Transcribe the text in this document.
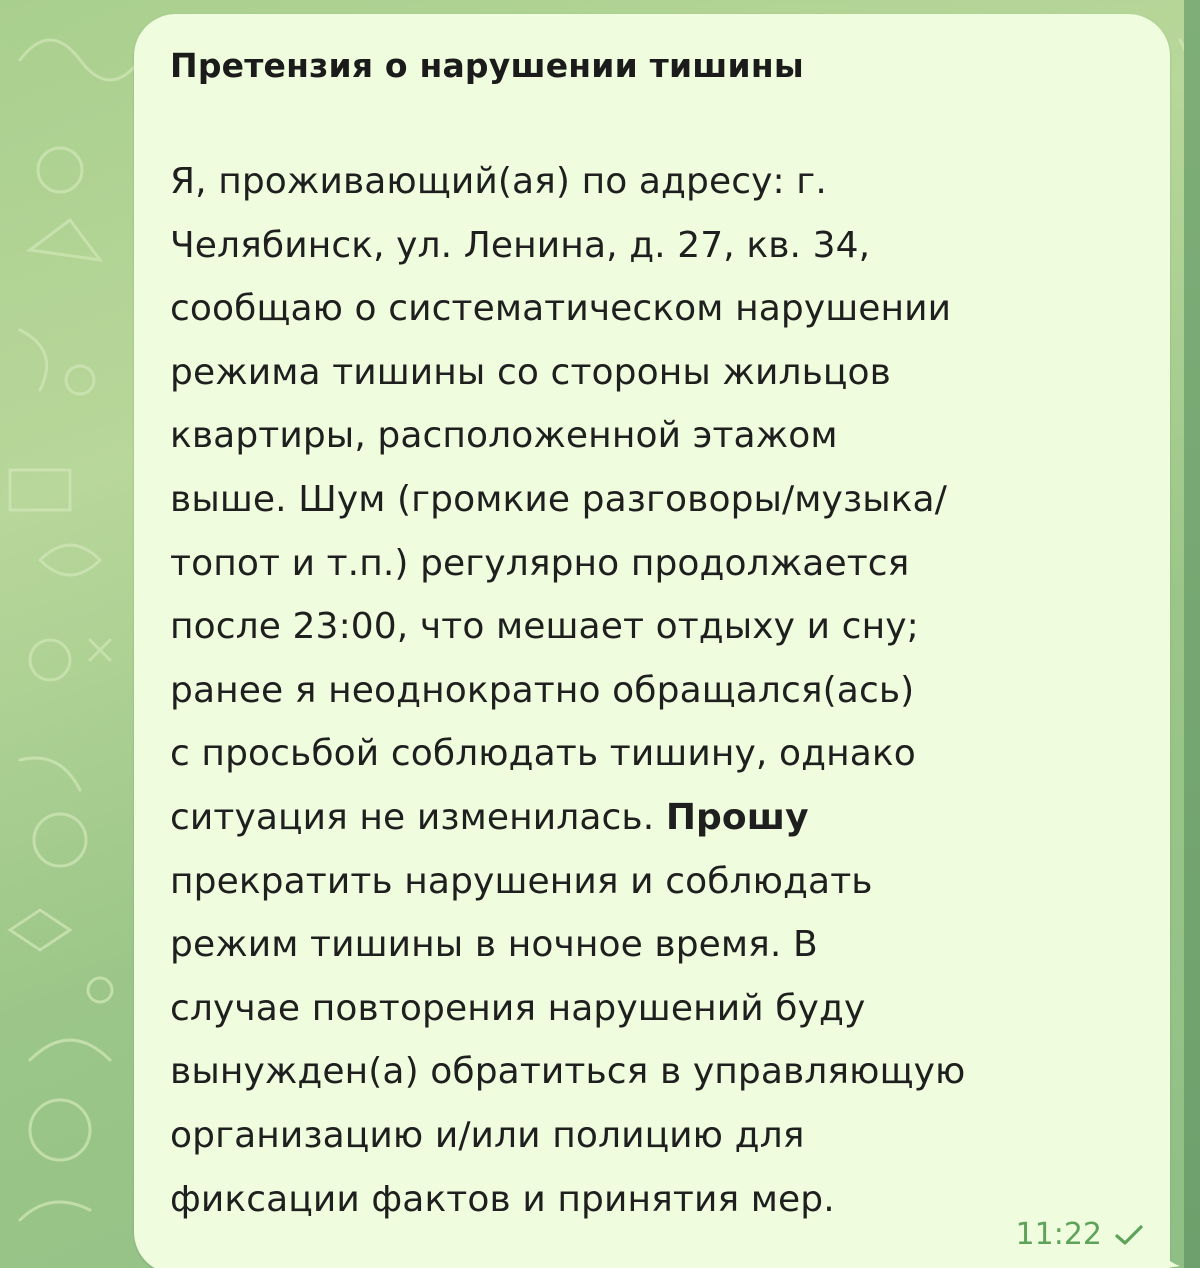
Претензия о нарушении тишины

Я, проживающий(ая) по адресу: г.
Челябинск, ул. Ленина, д. 27, кв. 34,
сообщаю о систематическом нарушении
режима тишины со стороны жильцов
квартиры, расположенной этажом
выше. Шум (громкие разговоры/музыка/
топот и т.п.) регулярно продолжается
после 23:00, что мешает отдыху и сну;
ранее я неоднократно обращался(ась)
с просьбой соблюдать тишину, однако
ситуация не изменилась. Прошу
прекратить нарушения и соблюдать
режим тишины в ночное время. В
случае повторения нарушений буду
вынужден(а) обратиться в управляющую
организацию и/или полицию для
фиксации фактов и принятия мер.

11:22
